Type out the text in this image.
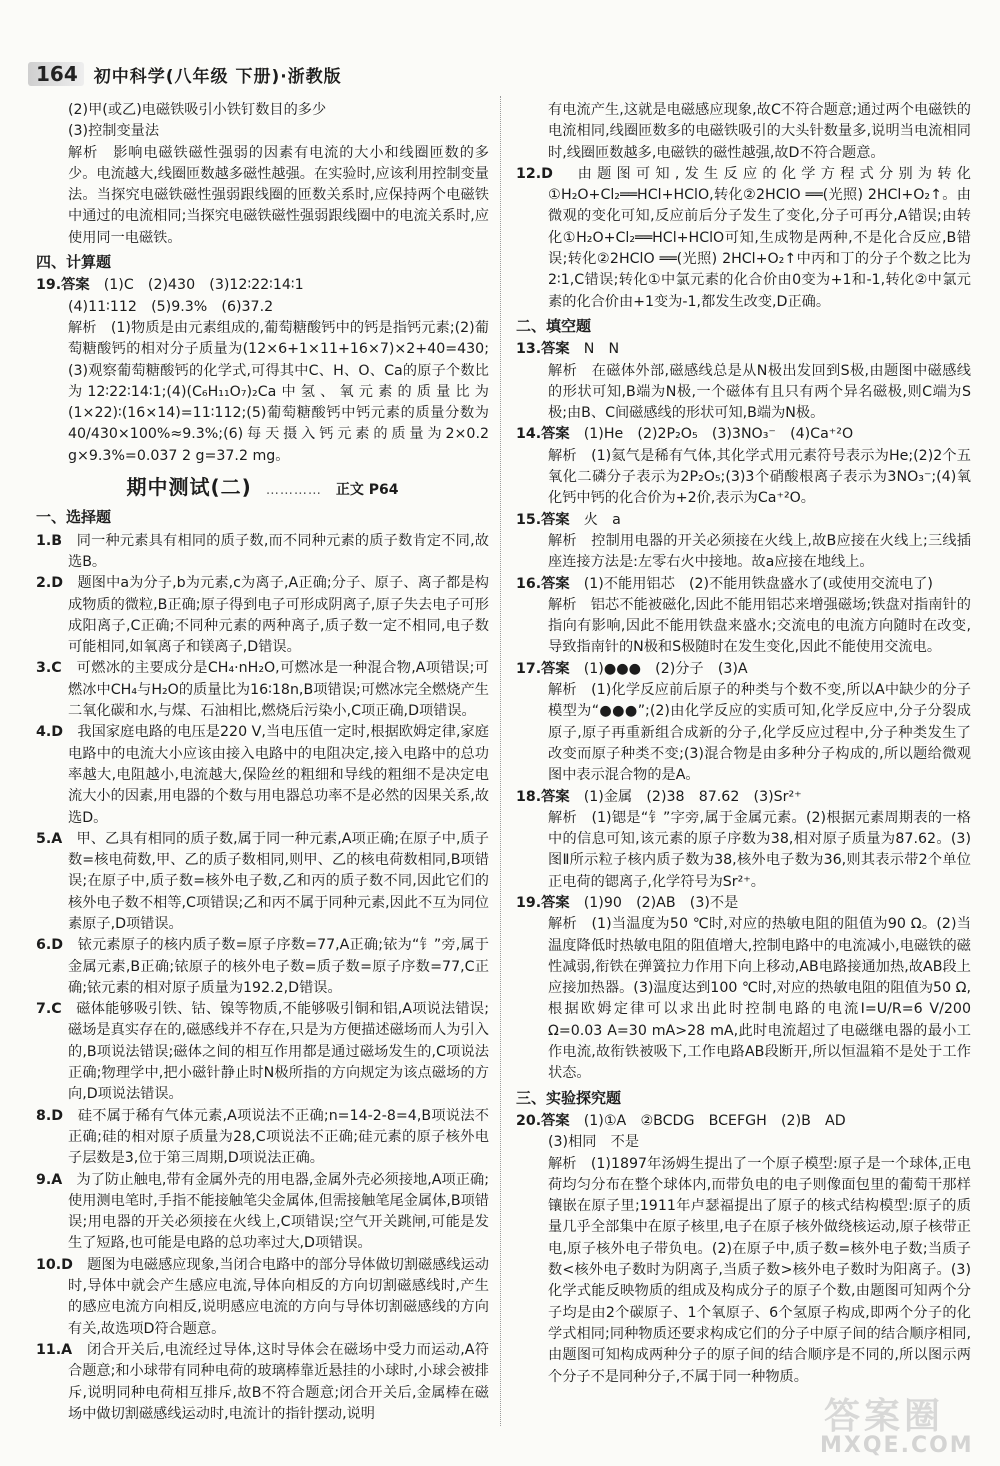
164 初中科学(八年级 下册)·浙教版

(2)甲(或乙)电磁铁吸引小铁钉数目的多少

(3)控制变量法

解析　影响电磁铁磁性强弱的因素有电流的大小和线圈匝数的多少。电流越大,线圈匝数越多磁性越强。在实验时,应该利用控制变量法。当探究电磁铁磁性强弱跟线圈的匝数关系时,应保持两个电磁铁中通过的电流相同;当探究电磁铁磁性强弱跟线圈中的电流关系时,应使用同一电磁铁。

四、计算题

19.答案　 (1)C　(2)430　(3)12∶22∶14∶1

(4)11∶112　(5)9.3%　(6)37.2

解析　(1)物质是由元素组成的,葡萄糖酸钙中的钙是指钙元素;(2)葡萄糖酸钙的相对分子质量为(12×6+1×11+16×7)×2+40=430;(3)观察葡萄糖酸钙的化学式,可得其中C、H、O、Ca的原子个数比为12∶22∶14∶1;(4)(C₆H₁₁O₇)₂Ca中氢、氧元素的质量比为(1×22)∶(16×14)=11∶112;(5)葡萄糖酸钙中钙元素的质量分数为40/430×100%≈9.3%;(6)每天摄入钙元素的质量为2×0.2 g×9.3%=0.037 2 g=37.2 mg。

期中测试(二) ………… 正文 P64
一、选择题

1.B　 同一种元素具有相同的质子数,而不同种元素的质子数肯定不同,故选B。

2.D　 题图中a为分子,b为元素,c为离子,A正确;分子、原子、离子都是构成物质的微粒,B正确;原子得到电子可形成阴离子,原子失去电子可形成阳离子,C正确;不同种元素的两种离子,质子数一定不相同,电子数可能相同,如氧离子和镁离子,D错误。

3.C　 可燃冰的主要成分是CH₄·nH₂O,可燃冰是一种混合物,A项错误;可燃冰中CH₄与H₂O的质量比为16∶18n,B项错误;可燃冰完全燃烧产生二氧化碳和水,与煤、石油相比,燃烧后污染小,C项正确,D项错误。

4.D　 我国家庭电路的电压是220 V,当电压值一定时,根据欧姆定律,家庭电路中的电流大小应该由接入电路中的电阻决定,接入电路中的总功率越大,电阻越小,电流越大,保险丝的粗细和导线的粗细不是决定电流大小的因素,用电器的个数与用电器总功率不是必然的因果关系,故选D。

5.A　 甲、乙具有相同的质子数,属于同一种元素,A项正确;在原子中,质子数=核电荷数,甲、乙的质子数相同,则甲、乙的核电荷数相同,B项错误;在原子中,质子数=核外电子数,乙和丙的质子数不同,因此它们的核外电子数不相等,C项错误;乙和丙不属于同种元素,因此不互为同位素原子,D项错误。

6.D　 铱元素原子的核内质子数=原子序数=77,A正确;铱为“钅”旁,属于金属元素,B正确;铱原子的核外电子数=质子数=原子序数=77,C正确;铱元素的相对原子质量为192.2,D错误。

7.C　 磁体能够吸引铁、钴、镍等物质,不能够吸引铜和铝,A项说法错误;磁场是真实存在的,磁感线并不存在,只是为方便描述磁场而人为引入的,B项说法错误;磁体之间的相互作用都是通过磁场发生的,C项说法正确;物理学中,把小磁针静止时N极所指的方向规定为该点磁场的方向,D项说法错误。

8.D　 硅不属于稀有气体元素,A项说法不正确;n=14-2-8=4,B项说法不正确;硅的相对原子质量为28,C项说法不正确;硅元素的原子核外电子层数是3,位于第三周期,D项说法正确。

9.A　 为了防止触电,带有金属外壳的用电器,金属外壳必须接地,A项正确;使用测电笔时,手指不能接触笔尖金属体,但需接触笔尾金属体,B项错误;用电器的开关必须接在火线上,C项错误;空气开关跳闸,可能是发生了短路,也可能是电路的总功率过大,D项错误。

10.D　 题图为电磁感应现象,当闭合电路中的部分导体做切割磁感线运动时,导体中就会产生感应电流,导体向相反的方向切割磁感线时,产生的感应电流方向相反,说明感应电流的方向与导体切割磁感线的方向有关,故选项D符合题意。

11.A　 闭合开关后,电流经过导体,这时导体会在磁场中受力而运动,A符合题意;和小球带有同种电荷的玻璃棒靠近悬挂的小球时,小球会被排斥,说明同种电荷相互排斥,故B不符合题意;闭合开关后,金属棒在磁场中做切割磁感线运动时,电流计的指针摆动,说明

有电流产生,这就是电磁感应现象,故C不符合题意;通过两个电磁铁的电流相同,线圈匝数多的电磁铁吸引的大头针数量多,说明当电流相同时,线圈匝数越多,电磁铁的磁性越强,故D不符合题意。

12.D　 由题图可知,发生反应的化学方程式分别为转化①H₂O+Cl₂══HCl+HClO,转化②2HClO ══(光照) 2HCl+O₂↑。由微观的变化可知,反应前后分子发生了变化,分子可再分,A错误;由转化①H₂O+Cl₂══HCl+HClO可知,生成物是两种,不是化合反应,B错误;转化②2HClO ══(光照) 2HCl+O₂↑中丙和丁的分子个数之比为2∶1,C错误;转化①中氯元素的化合价由0变为+1和-1,转化②中氯元素的化合价由+1变为-1,都发生改变,D正确。

二、填空题

13.答案　 N　N

解析　在磁体外部,磁感线总是从N极出发回到S极,由题图中磁感线的形状可知,B端为N极,一个磁体有且只有两个异名磁极,则C端为S极;由B、C间磁感线的形状可知,B端为N极。

14.答案　 (1)He　(2)2P₂O₅　(3)3NO₃⁻　(4)Ca⁺²O

解析　(1)氦气是稀有气体,其化学式用元素符号表示为He;(2)2个五氧化二磷分子表示为2P₂O₅;(3)3个硝酸根离子表示为3NO₃⁻;(4)氧化钙中钙的化合价为+2价,表示为Ca⁺²O。

15.答案　 火　a

解析　控制用电器的开关必须接在火线上,故B应接在火线上;三线插座连接方法是:左零右火中接地。故a应接在地线上。

16.答案　 (1)不能用铝芯　(2)不能用铁盘盛水了(或使用交流电了)

解析　铝芯不能被磁化,因此不能用铝芯来增强磁场;铁盘对指南针的指向有影响,因此不能用铁盘来盛水;交流电的电流方向随时在改变,导致指南针的N极和S极随时在发生变化,因此不能使用交流电。

17.答案　 (1)●●●　(2)分子　(3)A

解析　(1)化学反应前后原子的种类与个数不变,所以A中缺少的分子模型为“●●●”;(2)由化学反应的实质可知,化学反应中,分子分裂成原子,原子再重新组合成新的分子,化学反应过程中,分子种类发生了改变而原子种类不变;(3)混合物是由多种分子构成的,所以题给微观图中表示混合物的是A。

18.答案　 (1)金属　(2)38　87.62　(3)Sr²⁺

解析　(1)锶是“钅”字旁,属于金属元素。(2)根据元素周期表的一格中的信息可知,该元素的原子序数为38,相对原子质量为87.62。(3)图Ⅱ所示粒子核内质子数为38,核外电子数为36,则其表示带2个单位正电荷的锶离子,化学符号为Sr²⁺。

19.答案　 (1)90　(2)AB　(3)不是

解析　(1)当温度为50 ℃时,对应的热敏电阻的阻值为90 Ω。(2)当温度降低时热敏电阻的阻值增大,控制电路中的电流减小,电磁铁的磁性减弱,衔铁在弹簧拉力作用下向上移动,AB电路接通加热,故AB段上应接加热器。(3)温度达到100 ℃时,对应的热敏电阻的阻值为50 Ω,根据欧姆定律可以求出此时控制电路的电流I=U/R=6 V/200 Ω=0.03 A=30 mA>28 mA,此时电流超过了电磁继电器的最小工作电流,故衔铁被吸下,工作电路AB段断开,所以恒温箱不是处于工作状态。

三、实验探究题

20.答案　 (1)①A　②BCDG　BCEFGH　(2)B　AD

(3)相同　不是

解析　(1)1897年汤姆生提出了一个原子模型:原子是一个球体,正电荷均匀分布在整个球体内,而带负电的电子则像面包里的葡萄干那样镶嵌在原子里;1911年卢瑟福提出了原子的核式结构模型:原子的质量几乎全部集中在原子核里,电子在原子核外做绕核运动,原子核带正电,原子核外电子带负电。(2)在原子中,质子数=核外电子数;当质子数<核外电子数时为阴离子,当质子数>核外电子数时为阳离子。(3)化学式能反映物质的组成及构成分子的原子个数,由题图可知两个分子均是由2个碳原子、1个氧原子、6个氢原子构成,即两个分子的化学式相同;同种物质还要求构成它们的分子中原子间的结合顺序相同,由题图可知构成两种分子的原子间的结合顺序是不同的,所以图示两个分子不是同种分子,不属于同一种物质。

答案圈
MXQE.COM
